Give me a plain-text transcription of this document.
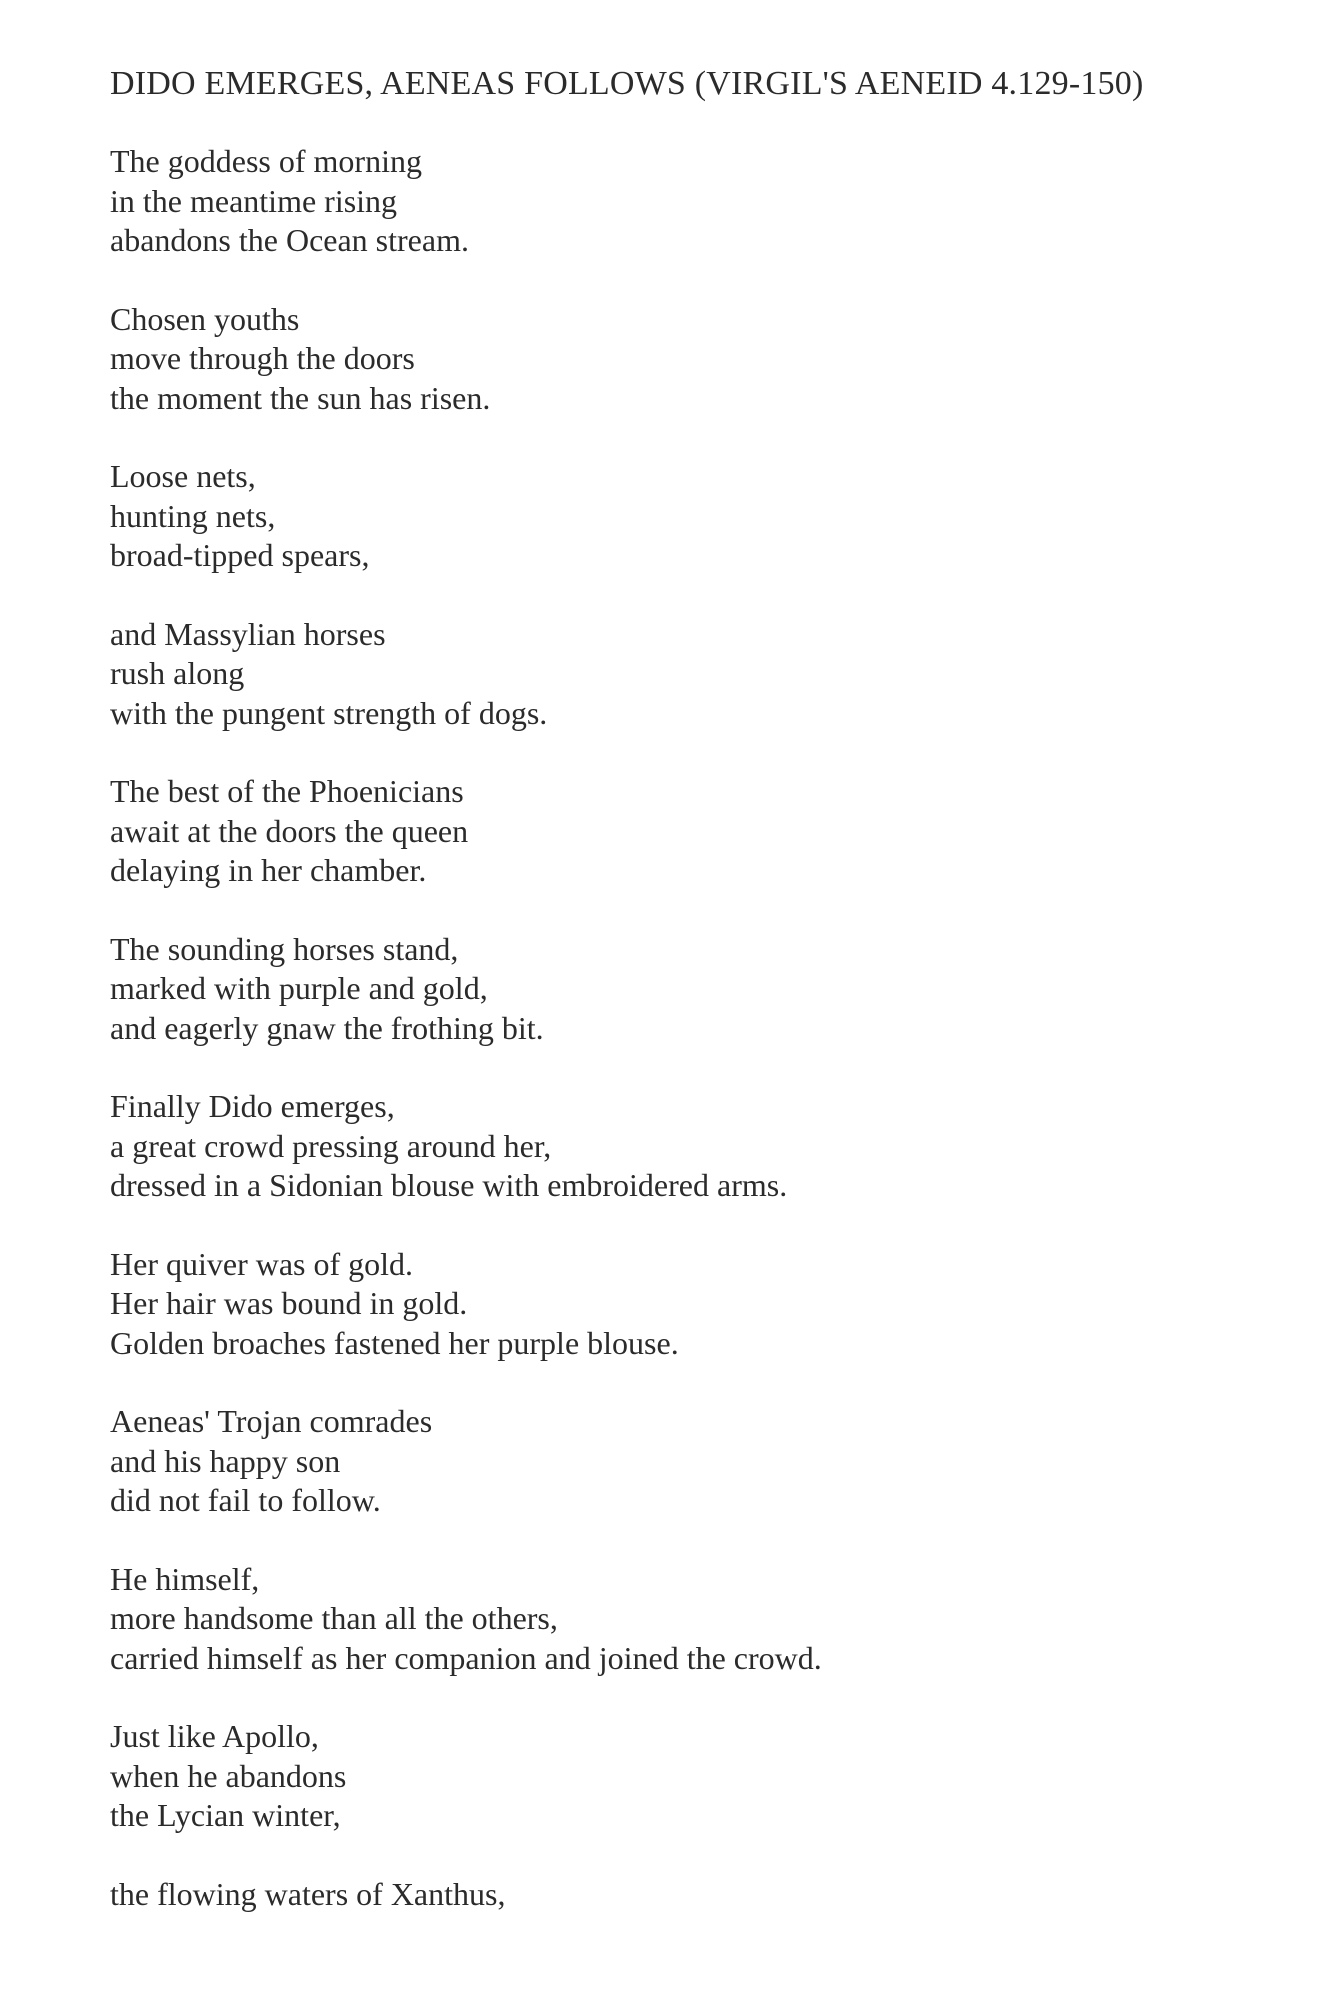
DIDO EMERGES, AENEAS FOLLOWS (VIRGIL'S AENEID 4.129-150)

The goddess of morning
in the meantime rising
abandons the Ocean stream.

Chosen youths
move through the doors
the moment the sun has risen.

Loose nets,
hunting nets,
broad-tipped spears,

and Massylian horses
rush along
with the pungent strength of dogs.

The best of the Phoenicians
await at the doors the queen
delaying in her chamber.

The sounding horses stand,
marked with purple and gold,
and eagerly gnaw the frothing bit.

Finally Dido emerges,
a great crowd pressing around her,
dressed in a Sidonian blouse with embroidered arms.

Her quiver was of gold.
Her hair was bound in gold.
Golden broaches fastened her purple blouse.

Aeneas' Trojan comrades
and his happy son
did not fail to follow.

He himself,
more handsome than all the others,
carried himself as her companion and joined the crowd.

Just like Apollo,
when he abandons
the Lycian winter,

the flowing waters of Xanthus,
